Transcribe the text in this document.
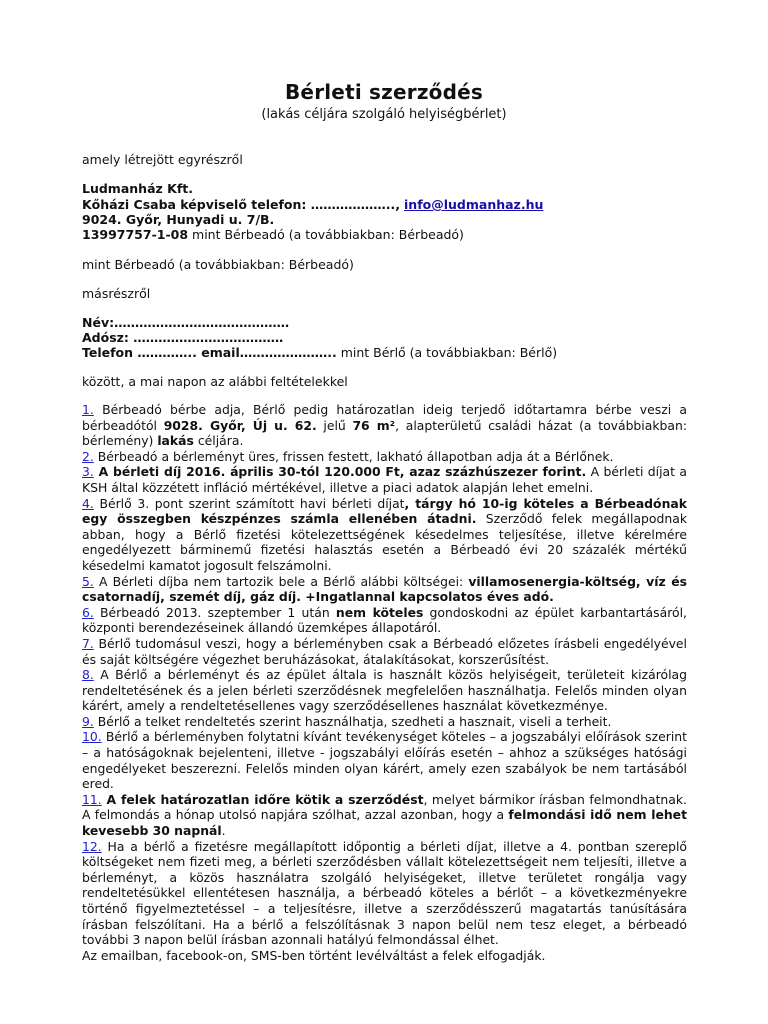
Bérleti szerződés
(lakás céljára szolgáló helyiségbérlet)
amely létrejött egyrészről
Ludmanház Kft.
Kőházi Csaba képviselő telefon: ……………….., info@ludmanhaz.hu
9024. Győr, Hunyadi u. 7/B.
13997757-1-08 mint Bérbeadó (a továbbiakban: Bérbeadó)
mint Bérbeadó (a továbbiakban: Bérbeadó)
másrészről
Név:……………………………………
Adósz: ………………………………
Telefon ………….. email………………….. mint Bérlő (a továbbiakban: Bérlő)
között, a mai napon az alábbi feltételekkel

1. Bérbeadó bérbe adja, Bérlő pedig határozatlan ideig terjedő időtartamra bérbe veszi a bérbeadótól 9028. Győr, Új u. 62. jelű 76 m², alapterületű családi házat (a továbbiakban: bérlemény) lakás céljára.

2. Bérbeadó a bérleményt üres, frissen festett, lakható állapotban adja át a Bérlőnek.

3. A bérleti díj 2016. április 30-tól 120.000 Ft, azaz százhúszezer forint. A bérleti díjat a KSH által közzétett infláció mértékével, illetve a piaci adatok alapján lehet emelni.

4. Bérlő 3. pont szerint számított havi bérleti díjat, tárgy hó 10-ig köteles a Bérbeadónak egy összegben készpénzes számla ellenében átadni. Szerződő felek megállapodnak abban, hogy a Bérlő fizetési kötelezettségének késedelmes teljesítése, illetve kérelmére engedélyezett bárminemű fizetési halasztás esetén a Bérbeadó évi 20 százalék mértékű késedelmi kamatot jogosult felszámolni.

5. A Bérleti díjba nem tartozik bele a Bérlő alábbi költségei: villamosenergia-költség, víz és csatornadíj, szemét díj, gáz díj. +Ingatlannal kapcsolatos éves adó.

6. Bérbeadó 2013. szeptember 1 után nem köteles gondoskodni az épület karbantartásáról, központi berendezéseinek állandó üzemképes állapotáról.

7. Bérlő tudomásul veszi, hogy a bérleményben csak a Bérbeadó előzetes írásbeli engedélyével és saját költségére végezhet beruházásokat, átalakításokat, korszerűsítést.

8. A Bérlő a bérleményt és az épület általa is használt közös helyiségeit, területeit kizárólag rendeltetésének és a jelen bérleti szerződésnek megfelelően használhatja. Felelős minden olyan kárért, amely a rendeltetésellenes vagy szerződésellenes használat következménye.

9. Bérlő a telket rendeltetés szerint használhatja, szedheti a hasznait, viseli a terheit.

10. Bérlő a bérleményben folytatni kívánt tevékenységet köteles – a jogszabályi előírások szerint – a hatóságoknak bejelenteni, illetve - jogszabályi előírás esetén – ahhoz a szükséges hatósági engedélyeket beszerezni. Felelős minden olyan kárért, amely ezen szabályok be nem tartásából ered.

11. A felek határozatlan időre kötik a szerződést, melyet bármikor írásban felmondhatnak. A felmondás a hónap utolsó napjára szólhat, azzal azonban, hogy a felmondási idő nem lehet kevesebb 30 napnál.

12. Ha a bérlő a fizetésre megállapított időpontig a bérleti díjat, illetve a 4. pontban szereplő költségeket nem fizeti meg, a bérleti szerződésben vállalt kötelezettségeit nem teljesíti, illetve a bérleményt, a közös használatra szolgáló helyiségeket, illetve területet rongálja vagy rendeltetésükkel ellentétesen használja, a bérbeadó köteles a bérlőt – a következményekre történő figyelmeztetéssel – a teljesítésre, illetve a szerződésszerű magatartás tanúsítására írásban felszólítani. Ha a bérlő a felszólításnak 3 napon belül nem tesz eleget, a bérbeadó további 3 napon belül írásban azonnali hatályú felmondással élhet.

Az emailban, facebook-on, SMS-ben történt levélváltást a felek elfogadják.
